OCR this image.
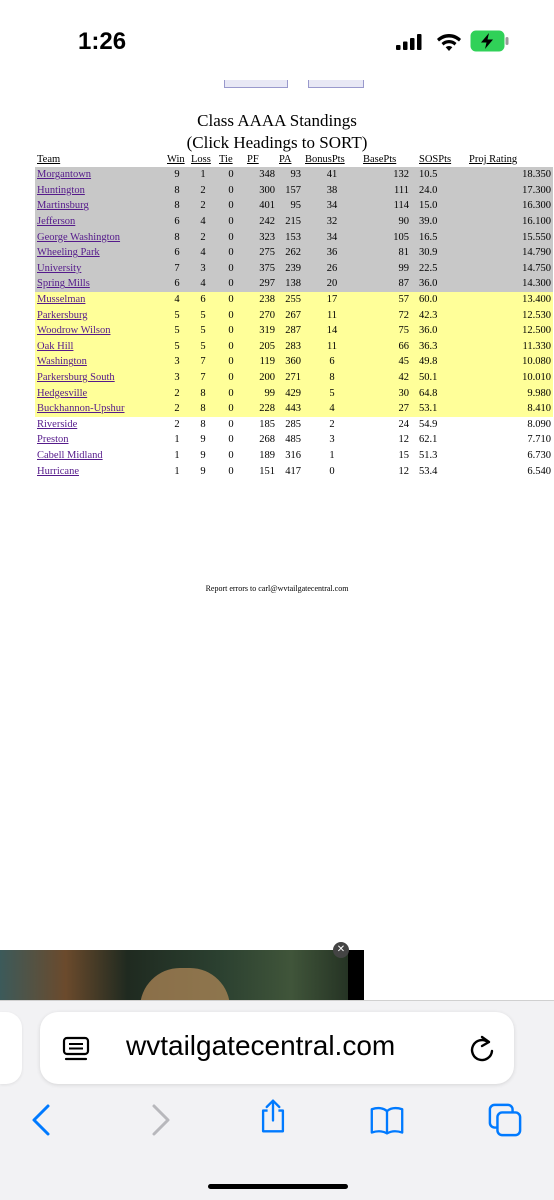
1:26
Class AAAA Standings
(Click Headings to SORT)
Team	Win	Loss	Tie	PF	PA	BonusPts	BasePts	SOSPts	Proj Rating
Morgantown	9	1	0	348	93	41	132	10.5	18.350
Huntington	8	2	0	300	157	38	111	24.0	17.300
Martinsburg	8	2	0	401	95	34	114	15.0	16.300
Jefferson	6	4	0	242	215	32	90	39.0	16.100
George Washington	8	2	0	323	153	34	105	16.5	15.550
Wheeling Park	6	4	0	275	262	36	81	30.9	14.790
University	7	3	0	375	239	26	99	22.5	14.750
Spring Mills	6	4	0	297	138	20	87	36.0	14.300
Musselman	4	6	0	238	255	17	57	60.0	13.400
Parkersburg	5	5	0	270	267	11	72	42.3	12.530
Woodrow Wilson	5	5	0	319	287	14	75	36.0	12.500
Oak Hill	5	5	0	205	283	11	66	36.3	11.330
Washington	3	7	0	119	360	6	45	49.8	10.080
Parkersburg South	3	7	0	200	271	8	42	50.1	10.010
Hedgesville	2	8	0	99	429	5	30	64.8	9.980
Buckhannon-Upshur	2	8	0	228	443	4	27	53.1	8.410
Riverside	2	8	0	185	285	2	24	54.9	8.090
Preston	1	9	0	268	485	3	12	62.1	7.710
Cabell Midland	1	9	0	189	316	1	15	51.3	6.730
Hurricane	1	9	0	151	417	0	12	53.4	6.540
Report errors to carl@wvtailgatecentral.com
✕
wvtailgatecentral.com
